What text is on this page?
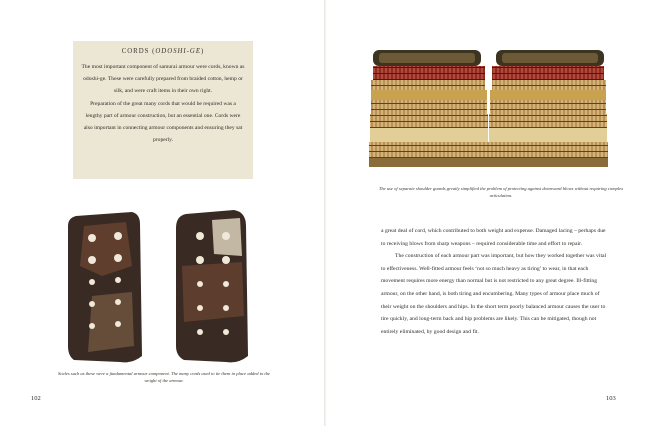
CORDS (ODOSHI-GE)

The most important component of samurai armour were cords, known as odoshi-ge. These were carefully prepared from braided cotton, hemp or silk, and were craft items in their own right.

Preparation of the great many cords that would be required was a lengthy part of armour construction, but an essential one. Cords were also important in connecting armour components and ensuring they sat properly.

The use of separate shoulder guards greatly simplified the problem of protecting against downward blows without requiring complex articulation.
Scales such as these were a fundamental armour component. The many cords used to tie them in place added to the weight of the armour.

a great deal of cord, which contributed to both weight and expense. Damaged lacing – perhaps due to receiving blows from sharp weapons – required considerable time and effort to repair.

The construction of each armour part was important, but how they worked together was vital to effectiveness. Well-fitted armour feels ‘not so much heavy as tiring’ to wear, in that each movement requires more energy than normal but is not restricted to any great degree. Ill-fitting armour, on the other hand, is both tiring and encumbering. Many types of armour place much of their weight on the shoulders and hips. In the short term poorly balanced armour causes the user to tire quickly, and long-term back and hip problems are likely. This can be mitigated, though not entirely eliminated, by good design and fit.

102	103
